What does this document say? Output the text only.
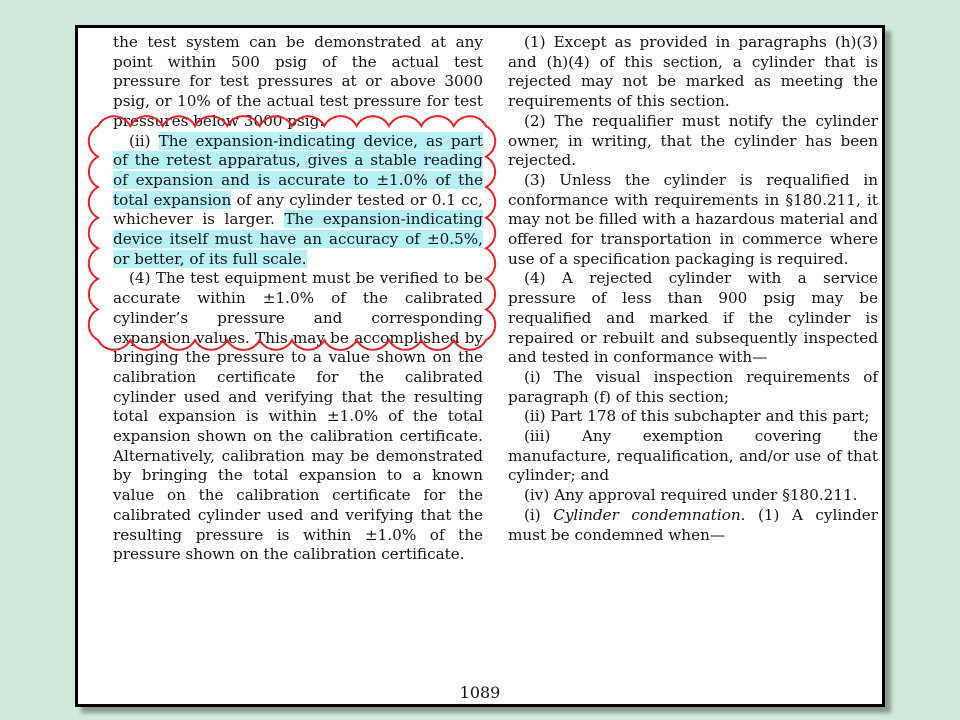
the test system can be demonstrated at any point within 500 psig of the actual test pressure for test pressures at or above 3000 psig, or 10% of the actual test pressure for test pressures below 3000 psig.

(ii) The expansion-indicating device, as part of the retest apparatus, gives a stable reading of expansion and is accurate to ±1.0% of the total expansion of any cylinder tested or 0.1 cc, whichever is larger. The expansion-indicating device itself must have an accuracy of ±0.5%, or better, of its full scale.

(4) The test equipment must be verified to be accurate within ±1.0% of the calibrated cylinder’s pressure and corresponding expansion values. This may be accomplished by bringing the pressure to a value shown on the calibration certificate for the calibrated cylinder used and verifying that the resulting total expansion is within ±1.0% of the total expansion shown on the calibration certificate. Alternatively, calibration may be demonstrated by bringing the total expansion to a known value on the calibration certificate for the calibrated cylinder used and verifying that the resulting pressure is within ±1.0% of the pressure shown on the calibration certificate.

(1) Except as provided in paragraphs (h)(3) and (h)(4) of this section, a cylinder that is rejected may not be marked as meeting the requirements of this section.

(2) The requalifier must notify the cylinder owner, in writing, that the cylinder has been rejected.

(3) Unless the cylinder is requalified in conformance with requirements in §180.211, it may not be filled with a hazardous material and offered for transportation in commerce where use of a specification packaging is required.

(4) A rejected cylinder with a service pressure of less than 900 psig may be requalified and marked if the cylinder is repaired or rebuilt and subsequently inspected and tested in conformance with—

(i) The visual inspection requirements of paragraph (f) of this section;

(ii) Part 178 of this subchapter and this part;

(iii) Any exemption covering the manufacture, requalification, and/or use of that cylinder; and

(iv) Any approval required under §180.211.

(i) Cylinder condemnation. (1) A cylinder must be condemned when—

1089
